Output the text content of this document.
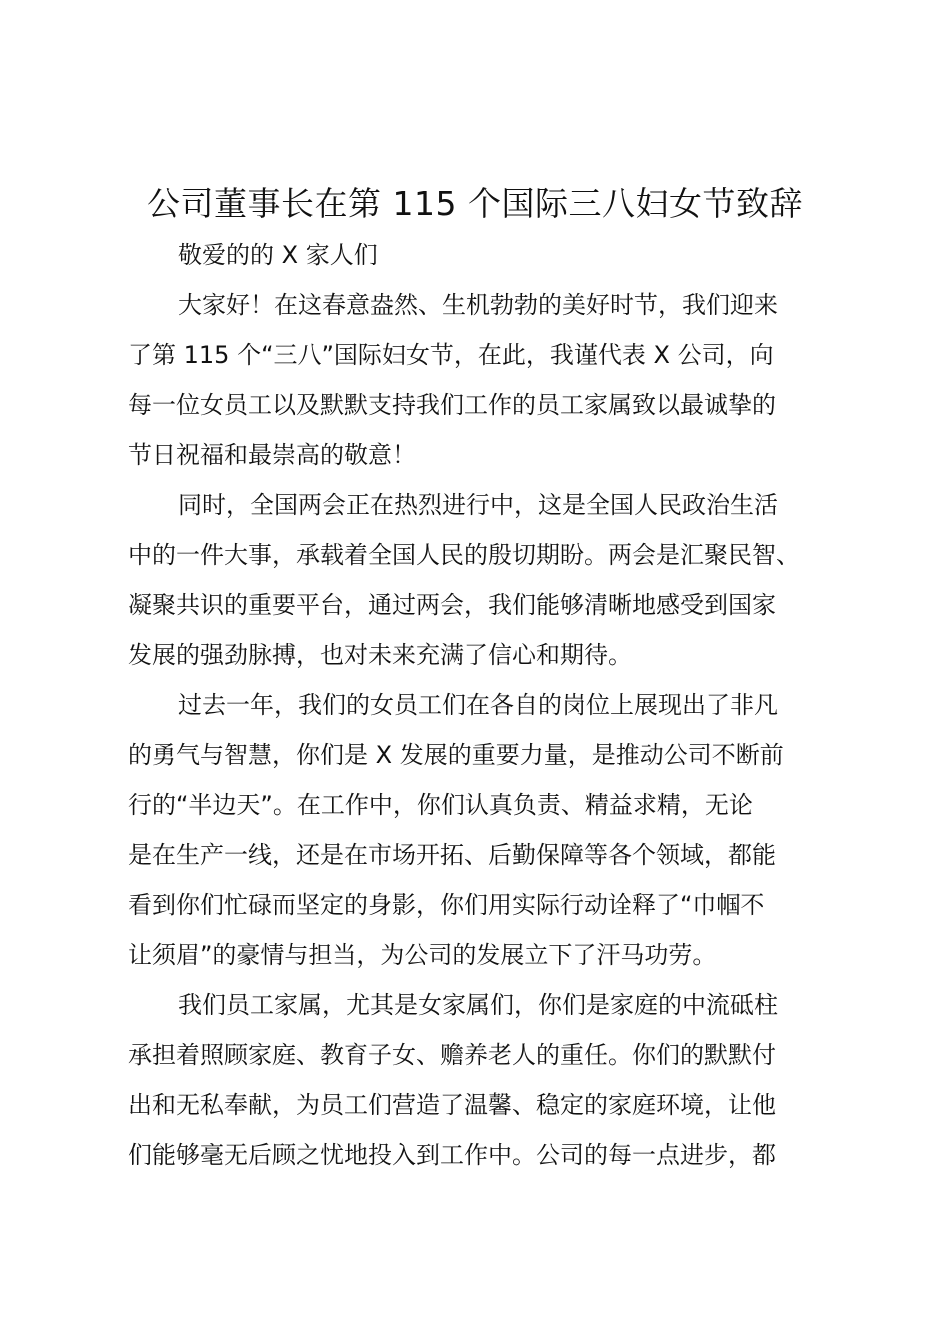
公司董事长在第 115 个国际三八妇女节致辞

敬爱的的 X 家人们

大家好！在这春意盎然、生机勃勃的美好时节，我们迎来

了第 115 个“三八”国际妇女节，在此，我谨代表 X 公司，向

每一位女员工以及默默支持我们工作的员工家属致以最诚挚的

节日祝福和最崇高的敬意！

同时，全国两会正在热烈进行中，这是全国人民政治生活

中的一件大事，承载着全国人民的殷切期盼。两会是汇聚民智、

凝聚共识的重要平台，通过两会，我们能够清晰地感受到国家

发展的强劲脉搏，也对未来充满了信心和期待。

过去一年，我们的女员工们在各自的岗位上展现出了非凡

的勇气与智慧，你们是 X 发展的重要力量，是推动公司不断前

行的“半边天”。在工作中，你们认真负责、精益求精，无论

是在生产一线，还是在市场开拓、后勤保障等各个领域，都能

看到你们忙碌而坚定的身影，你们用实际行动诠释了“巾帼不

让须眉”的豪情与担当，为公司的发展立下了汗马功劳。

我们员工家属，尤其是女家属们，你们是家庭的中流砥柱

承担着照顾家庭、教育子女、赡养老人的重任。你们的默默付

出和无私奉献，为员工们营造了温馨、稳定的家庭环境，让他

们能够毫无后顾之忧地投入到工作中。公司的每一点进步，都
